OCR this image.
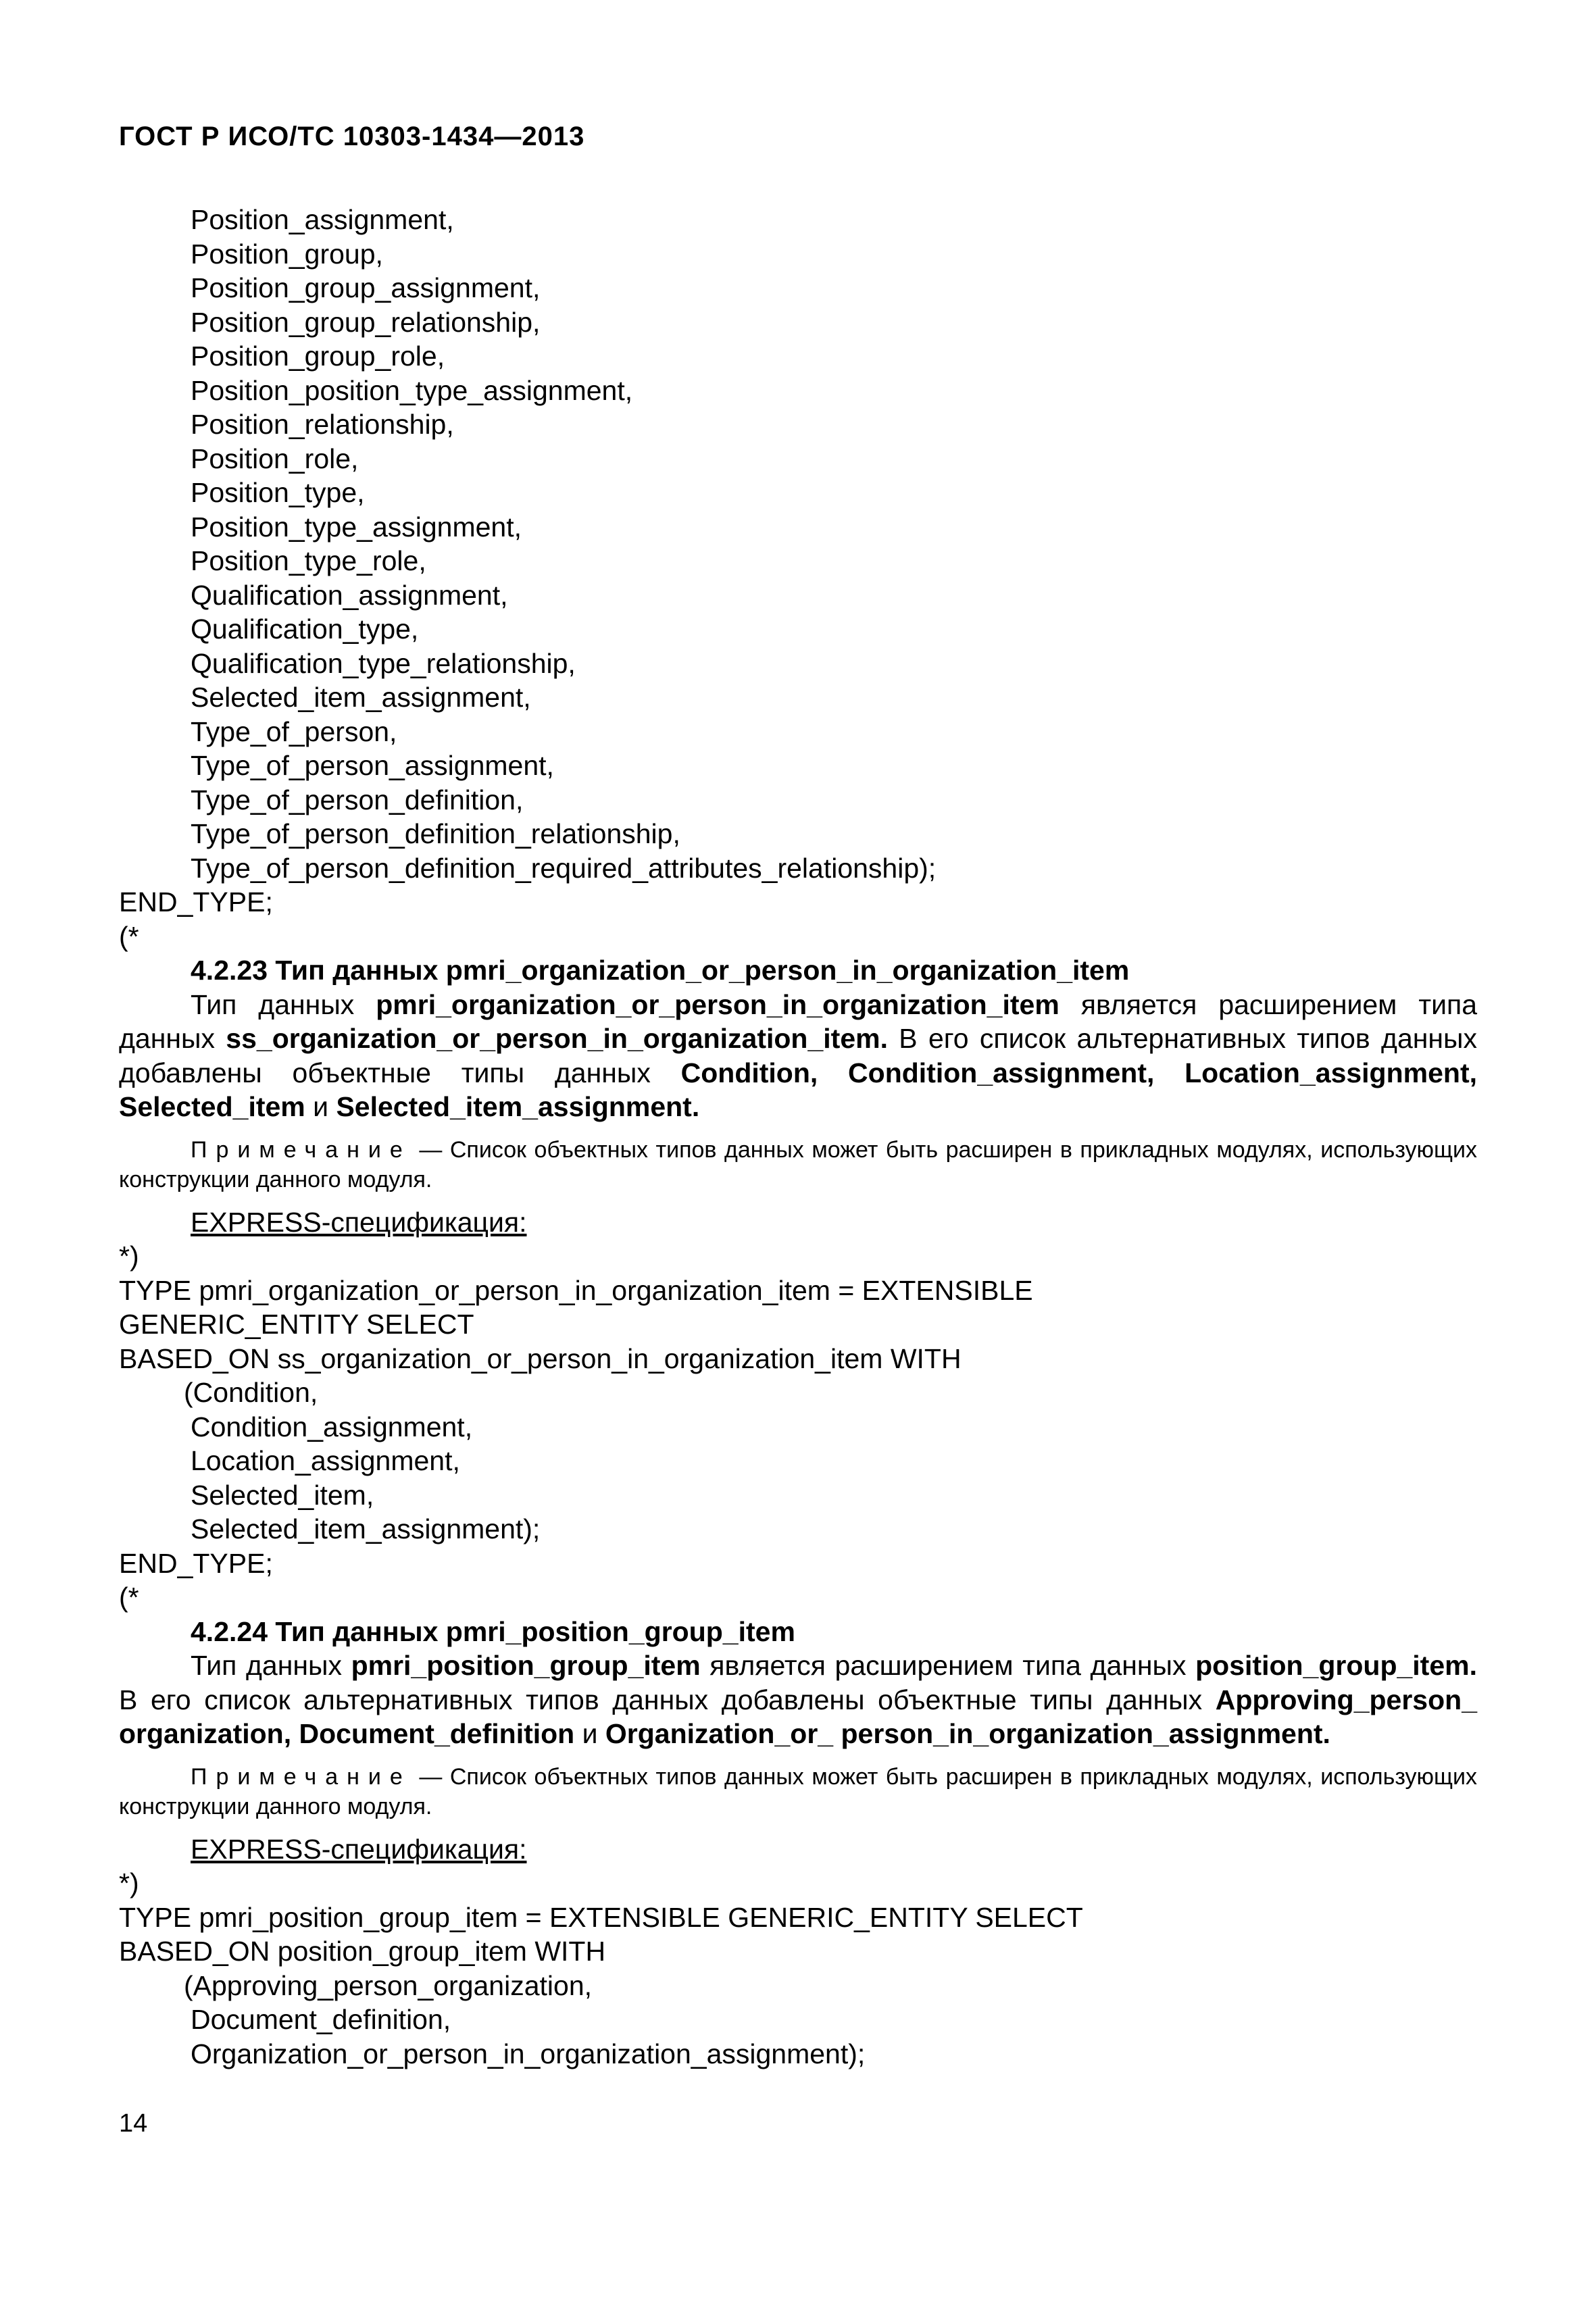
ГОСТ Р ИСО/ТС 10303-1434—2013
Position_assignment,
Position_group,
Position_group_assignment,
Position_group_relationship,
Position_group_role,
Position_position_type_assignment,
Position_relationship,
Position_role,
Position_type,
Position_type_assignment,
Position_type_role,
Qualification_assignment,
Qualification_type,
Qualification_type_relationship,
Selected_item_assignment,
Type_of_person,
Type_of_person_assignment,
Type_of_person_definition,
Type_of_person_definition_relationship,
Type_of_person_definition_required_attributes_relationship);
END_TYPE;
(*
4.2.23 Тип данных pmri_organization_or_person_in_organization_item
Тип данных pmri_organization_or_person_in_organization_item является расширением типа данных ss_organization_or_person_in_organization_item. В его список альтернативных типов данных добавлены объектные типы данных Condition, Condition_assignment, Location_assignment, Selected_item и Selected_item_assignment.
Примечание — Список объектных типов данных может быть расширен в прикладных модулях, использующих конструкции данного модуля.
EXPRESS-спецификация:
*)
TYPE pmri_organization_or_person_in_organization_item = EXTENSIBLE
GENERIC_ENTITY SELECT
BASED_ON ss_organization_or_person_in_organization_item WITH
(Condition,
Condition_assignment,
Location_assignment,
Selected_item,
Selected_item_assignment);
END_TYPE;
(*
4.2.24 Тип данных pmri_position_group_item
Тип данных pmri_position_group_item является расширением типа данных position_group_item. В его список альтернативных типов данных добавлены объектные типы данных Approving_person_ organization, Document_definition и Organization_or_ person_in_organization_assignment.
Примечание — Список объектных типов данных может быть расширен в прикладных модулях, использующих конструкции данного модуля.
EXPRESS-спецификация:
*)
TYPE pmri_position_group_item = EXTENSIBLE GENERIC_ENTITY SELECT
BASED_ON position_group_item WITH
(Approving_person_organization,
Document_definition,
Organization_or_person_in_organization_assignment);
14
